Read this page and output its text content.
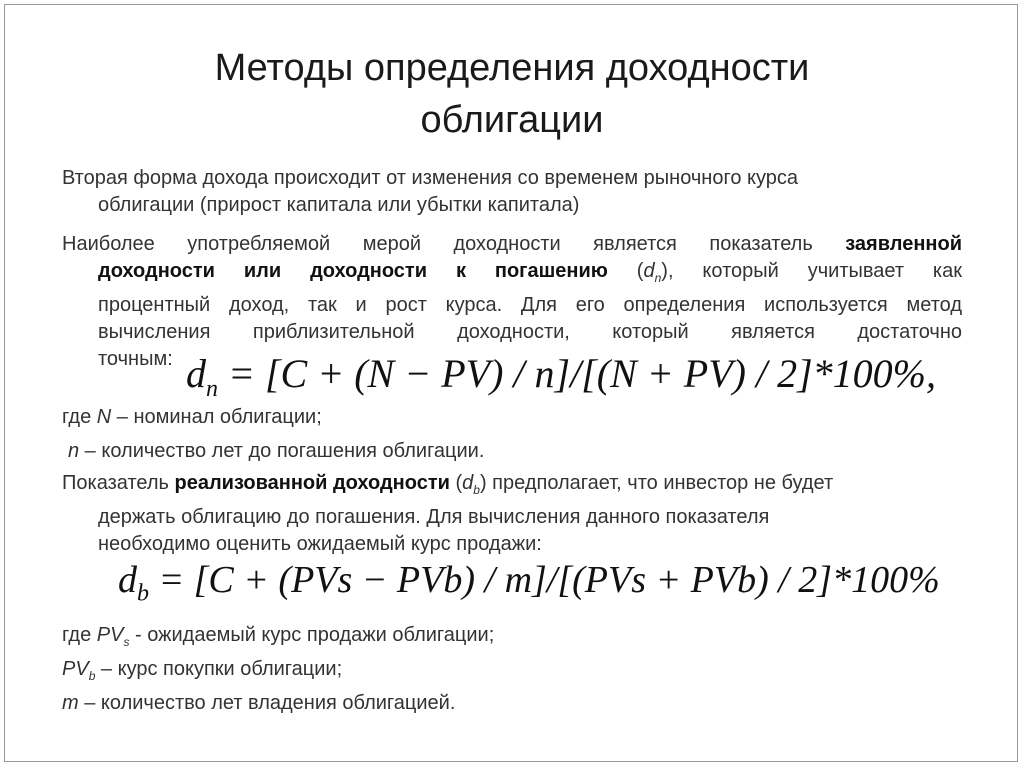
Методы определения доходности
облигации
Вторая форма дохода происходит от изменения со временем рыночного курса
облигации (прирост капитала или убытки капитала)
Наиболее употребляемой мерой доходности является показатель заявленной
доходности или доходности к погашению $(d_n)$, который учитывает как
процентный доход, так и рост курса. Для его определения используется метод
вычисления приблизительной доходности, который является достаточно
точным: $d_n = [C + (N - PV) / n]/[(N + PV) / 2]*100\%$,
где N – номинал облигации;
n – количество лет до погашения облигации.
Показатель реализованной доходности $(d_b)$ предполагает, что инвестор не будет
держать облигацию до погашения. Для вычисления данного показателя
необходимо оценить ожидаемый курс продажи:
$d_b = [C + (PVs - PVb) / m]/[(PVs + PVb) / 2]*100\%$
где $PV_s$ - ожидаемый курс продажи облигации;
$PV_b$ – курс покупки облигации;
m – количество лет владения облигацией.
